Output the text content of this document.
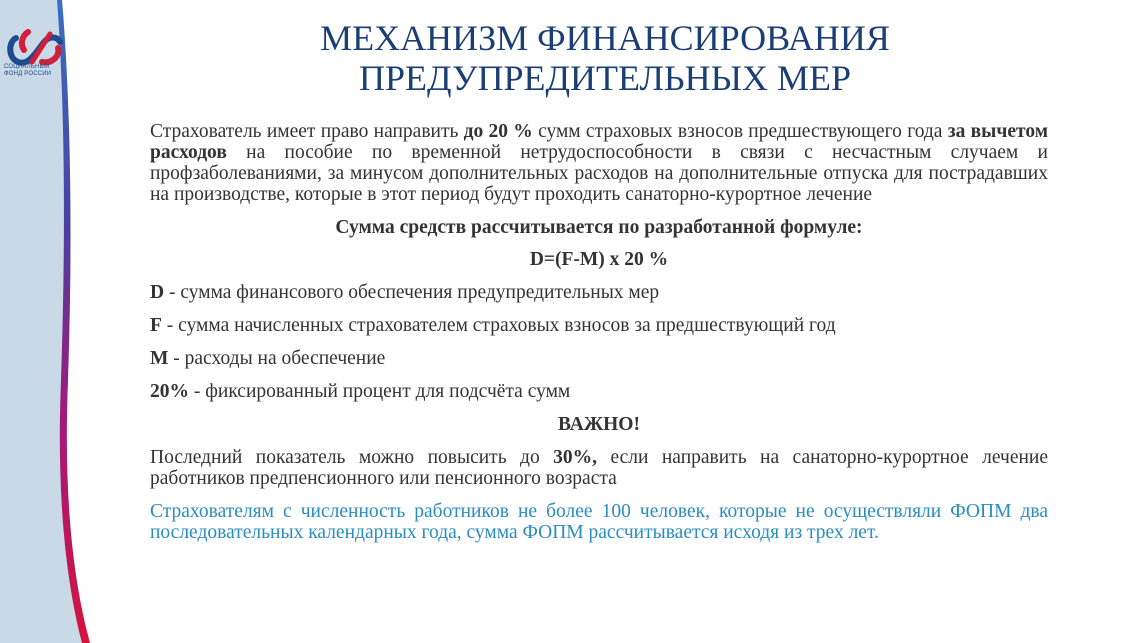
СОЦИАЛЬНЫЙ
ФОНД РОССИИ
МЕХАНИЗМ ФИНАНСИРОВАНИЯ
ПРЕДУПРЕДИТЕЛЬНЫХ МЕР

Страхователь имеет право направить до 20 % сумм страховых взносов предшествующего года за вычетом расходов на пособие по временной нетрудоспособности в связи с несчастным случаем и профзаболеваниями, за минусом дополнительных расходов на дополнительные отпуска для пострадавших на производстве, которые в этот период будут проходить санаторно-курортное лечение

Сумма средств рассчитывается по разработанной формуле:

D=(F-M) х 20 %

D - сумма финансового обеспечения предупредительных мер

F - сумма начисленных страхователем страховых взносов за предшествующий год

M - расходы на обеспечение

20% - фиксированный процент для подсчёта сумм

ВАЖНО!

Последний показатель можно повысить до 30%, если направить на санаторно-курортное лечение работников предпенсионного или пенсионного возраста

Страхователям с численность работников не более 100 человек, которые не осуществляли ФОПМ два последовательных календарных года, сумма ФОПМ рассчитывается исходя из трех лет.
